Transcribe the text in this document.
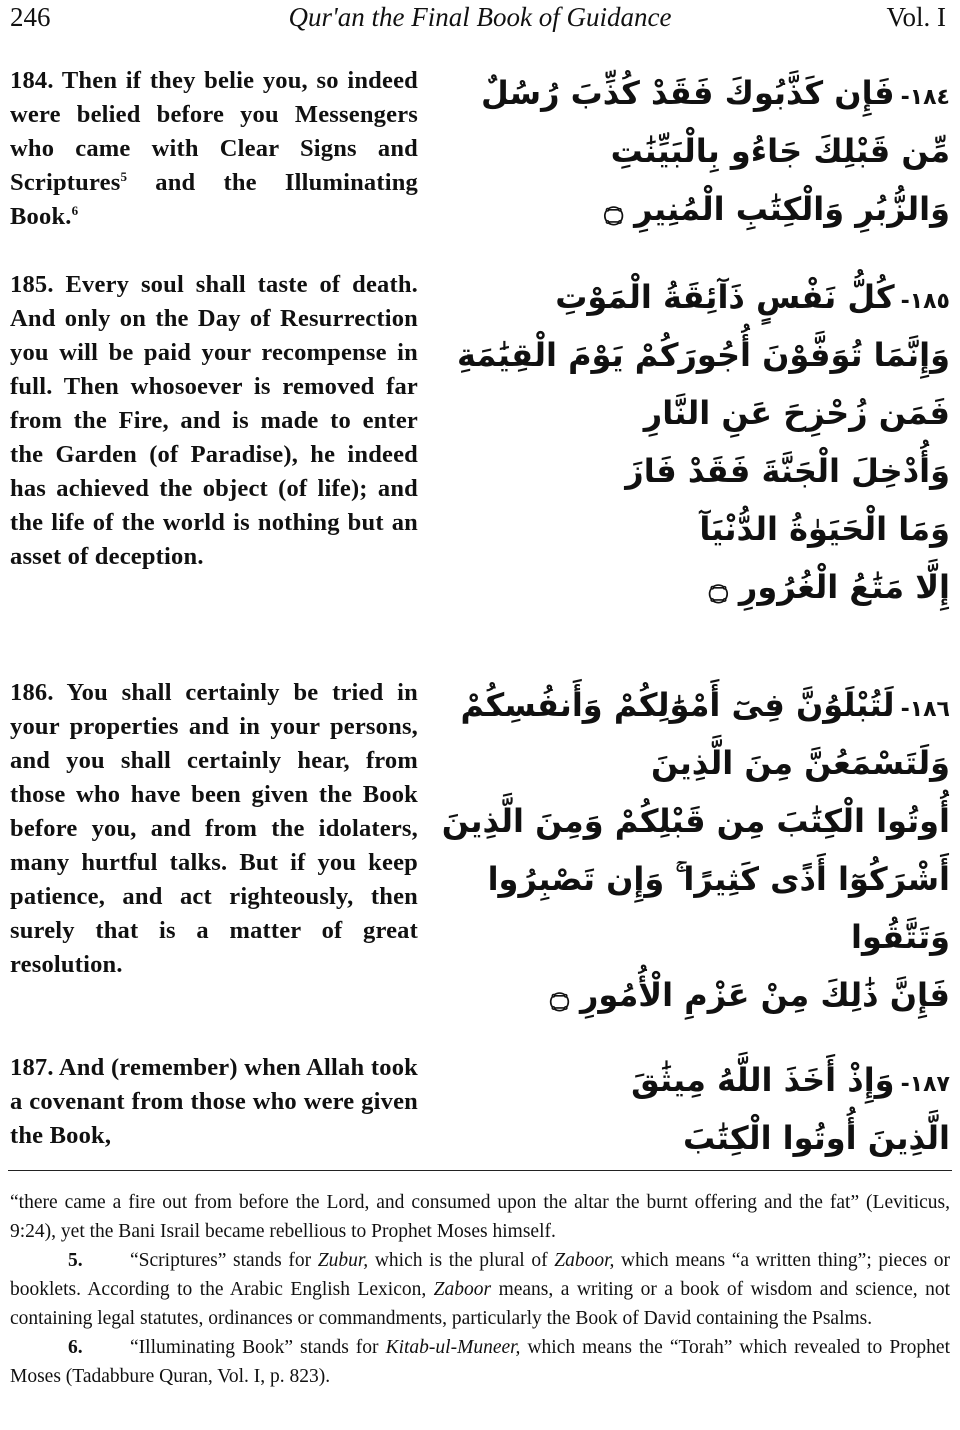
246	Qur'an the Final Book of Guidance	Vol. I
184. Then if they belie you, so indeed were belied before you Messengers who came with Clear Signs and Scriptures$^5$ and the Illuminating Book.$^6$
١٨٤-فَإِن كَذَّبُوكَ فَقَدْ كُذِّبَ رُسُلٌ
مِّن قَبْلِكَ جَاءُو بِالْبَيِّنَٰتِ
وَالزُّبُرِ وَالْكِتَٰبِ الْمُنِيرِ ۝
185. Every soul shall taste of death. And only on the Day of Resurrection you will be paid your recompense in full. Then whosoever is removed far from the Fire, and is made to enter the Garden (of Paradise), he indeed has achieved the object (of life); and the life of the world is nothing but an asset of deception.
١٨٥-كُلُّ نَفْسٍ ذَآئِقَةُ الْمَوْتِ
وَإِنَّمَا تُوَفَّوْنَ أُجُورَكُمْ يَوْمَ الْقِيَٰمَةِ
فَمَن زُحْزِحَ عَنِ النَّارِ
وَأُدْخِلَ الْجَنَّةَ فَقَدْ فَازَ
وَمَا الْحَيَوٰةُ الدُّنْيَآ
إِلَّا مَتَٰعُ الْغُرُورِ ۝
186. You shall certainly be tried in your properties and in your persons, and you shall certainly hear, from those who have been given the Book before you, and from the idolaters, many hurtful talks. But if you keep patience, and act righteously, then surely that is a matter of great resolution.
١٨٦-لَتُبْلَوُنَّ فِىٓ أَمْوَٰلِكُمْ وَأَنفُسِكُمْ
وَلَتَسْمَعُنَّ مِنَ الَّذِينَ
أُوتُوا الْكِتَٰبَ مِن قَبْلِكُمْ وَمِنَ الَّذِينَ
أَشْرَكُوٓا أَذًى كَثِيرًا ۚ وَإِن تَصْبِرُوا
وَتَتَّقُوا
فَإِنَّ ذَٰلِكَ مِنْ عَزْمِ الْأُمُورِ ۝
187. And (remember) when Allah took a covenant from those who were given the Book,
١٨٧-وَإِذْ أَخَذَ اللَّهُ مِيثَٰقَ
الَّذِينَ أُوتُوا الْكِتَٰبَ

“there came a fire out from before the Lord, and consumed upon the altar the burnt offering and the fat” (Leviticus, 9:24), yet the Bani Israil became rebellious to Prophet Moses himself.

5. “Scriptures” stands for Zubur, which is the plural of Zaboor, which means “a written thing”; pieces or booklets. According to the Arabic English Lexicon, Zaboor means, a writing or a book of wisdom and science, not containing legal statutes, ordinances or commandments, particularly the Book of David containing the Psalms.

6. “Illuminating Book” stands for Kitab-ul-Muneer, which means the “Torah” which revealed to Prophet Moses (Tadabbure Quran, Vol. I, p. 823).
